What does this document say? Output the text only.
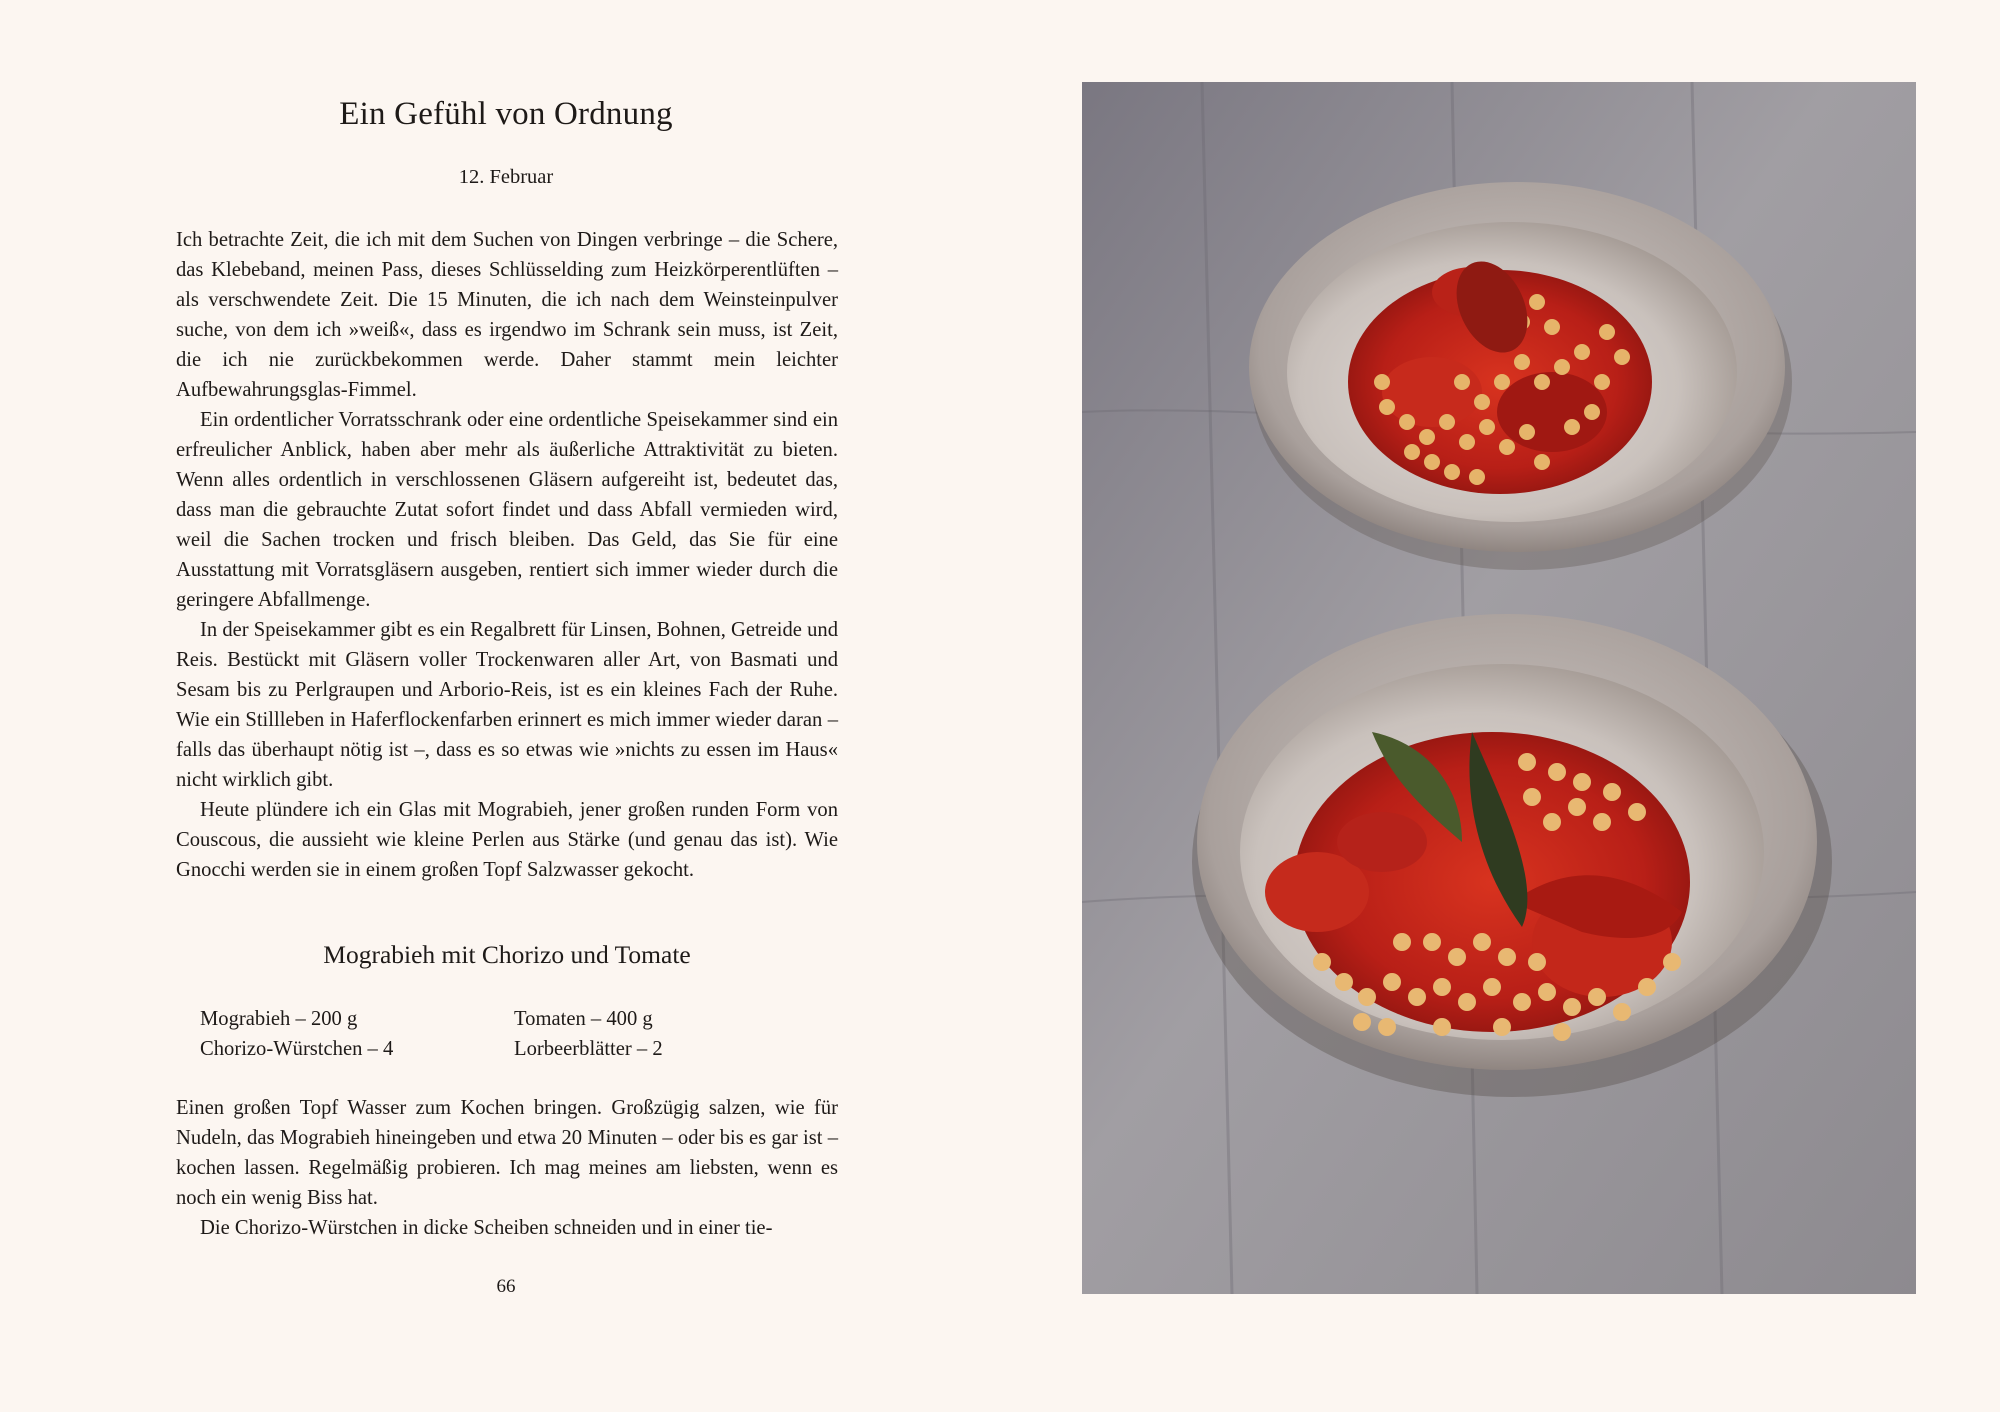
Ein Gefühl von Ordnung
12. Februar

Ich betrachte Zeit, die ich mit dem Suchen von Dingen verbringe – die Schere, das Klebeband, meinen Pass, dieses Schlüsselding zum Heizkörperentlüften – als verschwendete Zeit. Die 15 Minuten, die ich nach dem Weinsteinpulver suche, von dem ich »weiß«, dass es irgendwo im Schrank sein muss, ist Zeit, die ich nie zurückbekommen werde. Daher stammt mein leichter Aufbewahrungsglas-Fimmel.

Ein ordentlicher Vorratsschrank oder eine ordentliche Speisekammer sind ein erfreulicher Anblick, haben aber mehr als äußerliche Attraktivität zu bieten. Wenn alles ordentlich in verschlossenen Gläsern aufgereiht ist, bedeutet das, dass man die gebrauchte Zutat sofort findet und dass Abfall vermieden wird, weil die Sachen trocken und frisch bleiben. Das Geld, das Sie für eine Ausstattung mit Vorratsgläsern ausgeben, rentiert sich immer wieder durch die geringere Abfallmenge.

In der Speisekammer gibt es ein Regalbrett für Linsen, Bohnen, Getreide und Reis. Bestückt mit Gläsern voller Trockenwaren aller Art, von Basmati und Sesam bis zu Perlgraupen und Arborio-Reis, ist es ein kleines Fach der Ruhe. Wie ein Stillleben in Haferflockenfarben erinnert es mich immer wieder daran – falls das überhaupt nötig ist –, dass es so etwas wie »nichts zu essen im Haus« nicht wirklich gibt.

Heute plündere ich ein Glas mit Mograbieh, jener großen runden Form von Couscous, die aussieht wie kleine Perlen aus Stärke (und genau das ist). Wie Gnocchi werden sie in einem großen Topf Salzwasser gekocht.

Mograbieh mit Chorizo und Tomate
Mograbieh – 200 g
Chorizo-Würstchen – 4
Tomaten – 400 g
Lorbeerblätter – 2

Einen großen Topf Wasser zum Kochen bringen. Großzügig salzen, wie für Nudeln, das Mograbieh hineingeben und etwa 20 Minuten – oder bis es gar ist – kochen lassen. Regelmäßig probieren. Ich mag meines am liebsten, wenn es noch ein wenig Biss hat.

Die Chorizo-Würstchen in dicke Scheiben schneiden und in einer tie-

66
